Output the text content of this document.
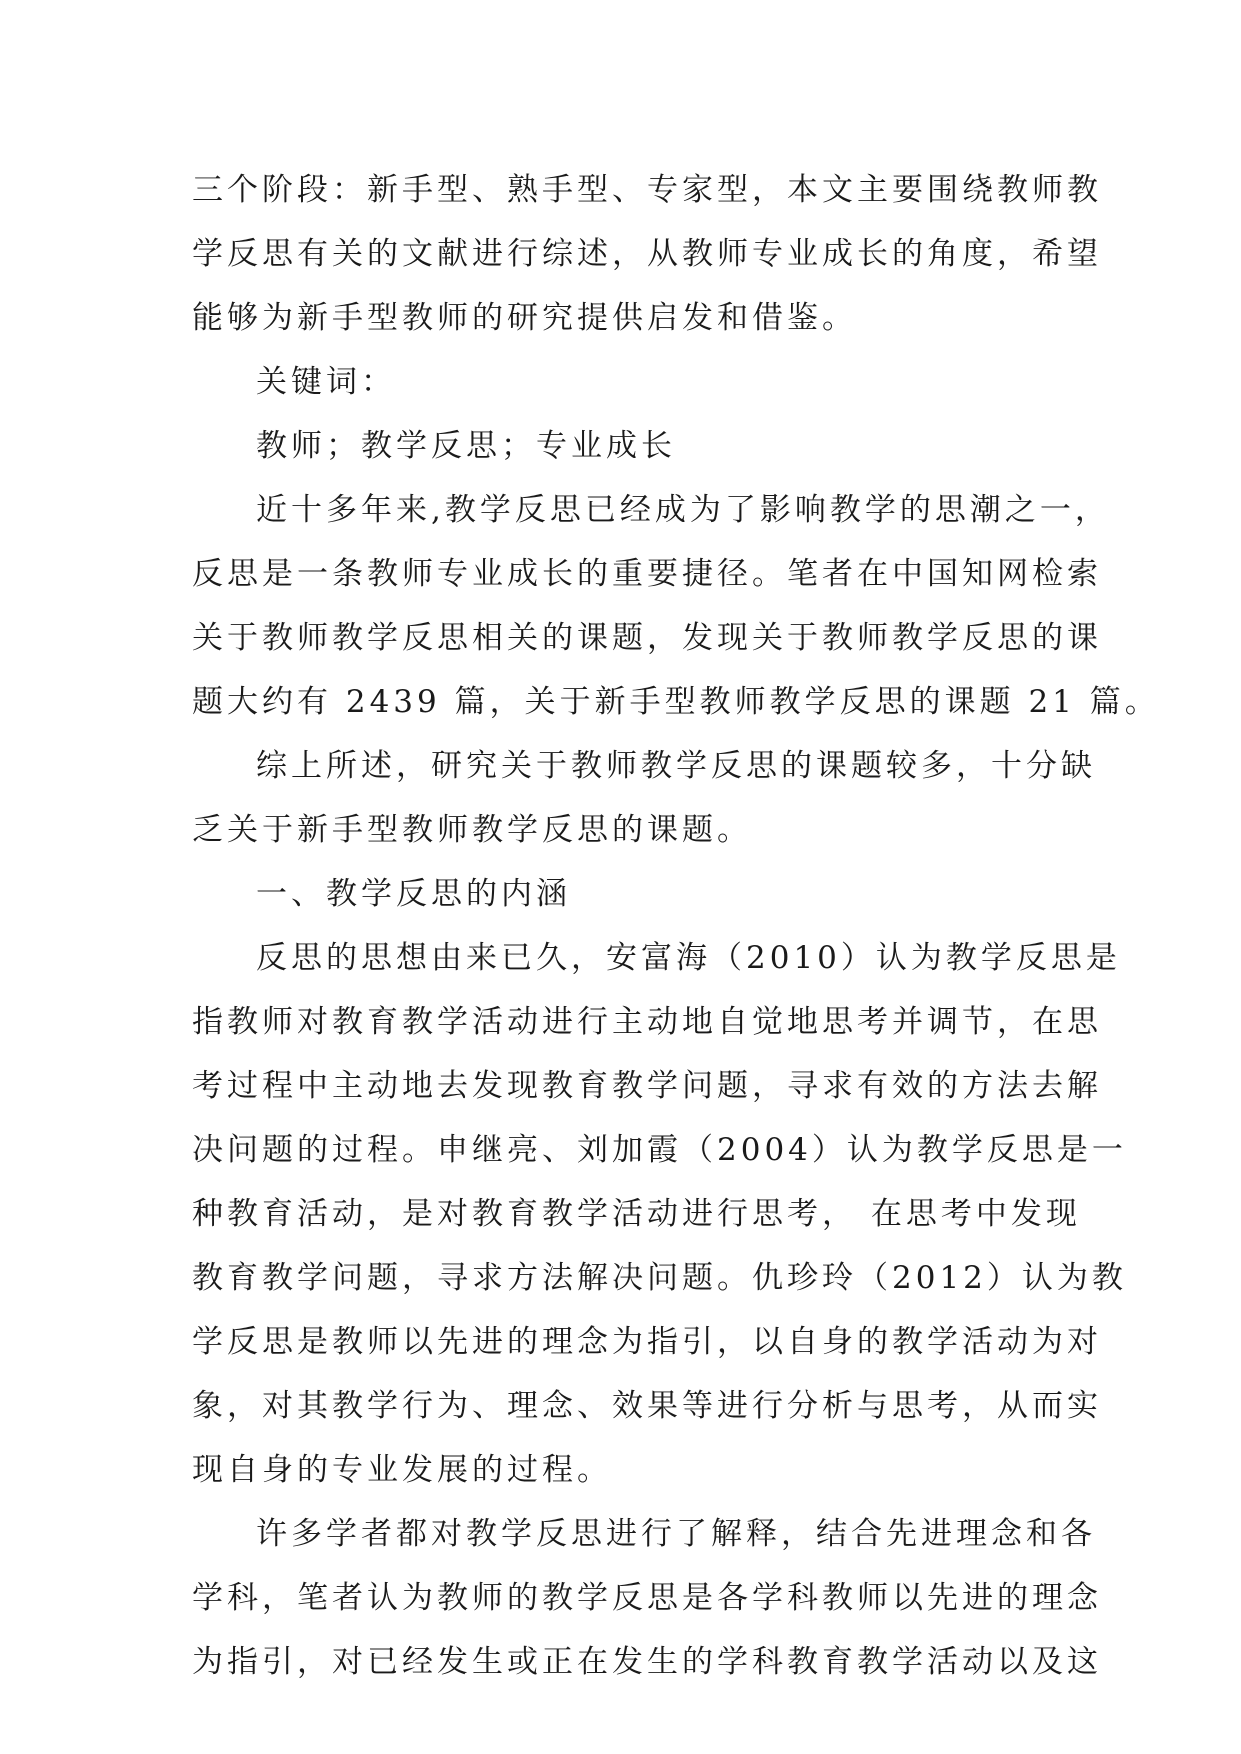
三个阶段：新手型、熟手型、专家型，本文主要围绕教师教
学反思有关的文献进行综述，从教师专业成长的角度，希望
能够为新手型教师的研究提供启发和借鉴。
关键词：
教师；教学反思；专业成长
近十多年来,教学反思已经成为了影响教学的思潮之一，
反思是一条教师专业成长的重要捷径。笔者在中国知网检索
关于教师教学反思相关的课题，发现关于教师教学反思的课
题大约有 2439 篇，关于新手型教师教学反思的课题 21 篇。
综上所述，研究关于教师教学反思的课题较多，十分缺
乏关于新手型教师教学反思的课题。
一、教学反思的内涵
反思的思想由来已久，安富海（2010）认为教学反思是
指教师对教育教学活动进行主动地自觉地思考并调节，在思
考过程中主动地去发现教育教学问题，寻求有效的方法去解
决问题的过程。申继亮、刘加霞（2004）认为教学反思是一
种教育活动，是对教育教学活动进行思考， 在思考中发现
教育教学问题，寻求方法解决问题。仇珍玲（2012）认为教
学反思是教师以先进的理念为指引，以自身的教学活动为对
象，对其教学行为、理念、效果等进行分析与思考，从而实
现自身的专业发展的过程。
许多学者都对教学反思进行了解释，结合先进理念和各
学科，笔者认为教师的教学反思是各学科教师以先进的理念
为指引，对已经发生或正在发生的学科教育教学活动以及这
